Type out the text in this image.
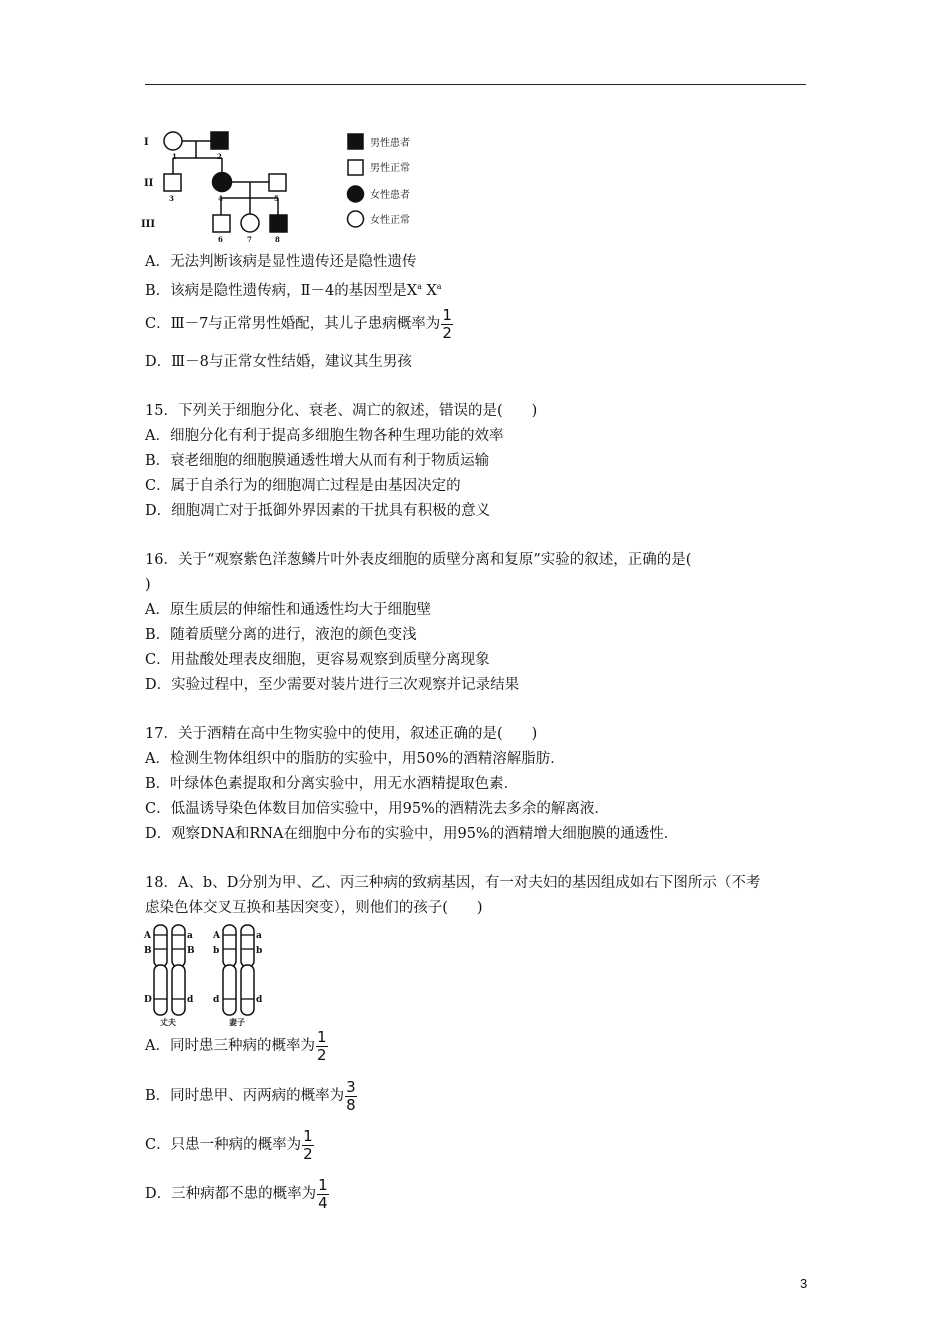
I
II
III
1	2
3	4	5
6	7	8
男性患者
男性正常
女性患者
女性正常
A．无法判断该病是显性遗传还是隐性遗传
B．该病是隐性遗传病，Ⅱ－4的基因型是$X^a$ $X^a$
C．Ⅲ－7与正常男性婚配，其儿子患病概率为 $\frac{1}{2}$
D．Ⅲ－8与正常女性结婚，建议其生男孩
15．下列关于细胞分化、衰老、凋亡的叙述，错误的是(　　)
A．细胞分化有利于提高多细胞生物各种生理功能的效率
B．衰老细胞的细胞膜通透性增大从而有利于物质运输
C．属于自杀行为的细胞凋亡过程是由基因决定的
D．细胞凋亡对于抵御外界因素的干扰具有积极的意义
16．关于“观察紫色洋葱鳞片叶外表皮细胞的质壁分离和复原”实验的叙述，正确的是(
)
A．原生质层的伸缩性和通透性均大于细胞壁
B．随着质壁分离的进行，液泡的颜色变浅
C．用盐酸处理表皮细胞，更容易观察到质壁分离现象
D．实验过程中，至少需要对装片进行三次观察并记录结果
17．关于酒精在高中生物实验中的使用，叙述正确的是(　　)
A．检测生物体组织中的脂肪的实验中，用50%的酒精溶解脂肪．
B．叶绿体色素提取和分离实验中，用无水酒精提取色素．
C．低温诱导染色体数目加倍实验中，用95%的酒精洗去多余的解离液．
D．观察DNA和RNA在细胞中分布的实验中，用95%的酒精增大细胞膜的通透性．
18．A、b、D分别为甲、乙、丙三种病的致病基因，有一对夫妇的基因组成如右下图所示（不考
虑染色体交叉互换和基因突变），则他们的孩子(　　)
A	a
B	B
D	d
A	a
b	b
d	d
丈夫	妻子
A．同时患三种病的概率为 $\frac{1}{2}$
B．同时患甲、丙两病的概率为 $\frac{3}{8}$
C．只患一种病的概率为 $\frac{1}{2}$
D．三种病都不患的概率为 $\frac{1}{4}$
3
